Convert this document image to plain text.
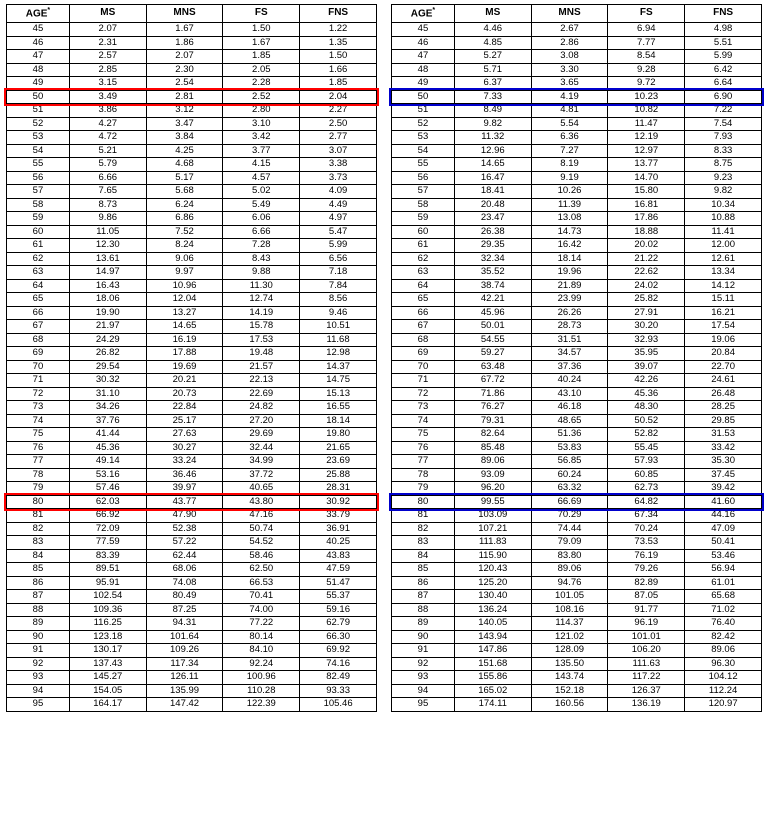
AGE*	MS	MNS	FS	FNS
45	2.07	1.67	1.50	1.22
46	2.31	1.86	1.67	1.35
47	2.57	2.07	1.85	1.50
48	2.85	2.30	2.05	1.66
49	3.15	2.54	2.28	1.85
50	3.49	2.81	2.52	2.04
51	3.86	3.12	2.80	2.27
52	4.27	3.47	3.10	2.50
53	4.72	3.84	3.42	2.77
54	5.21	4.25	3.77	3.07
55	5.79	4.68	4.15	3.38
56	6.66	5.17	4.57	3.73
57	7.65	5.68	5.02	4.09
58	8.73	6.24	5.49	4.49
59	9.86	6.86	6.06	4.97
60	11.05	7.52	6.66	5.47
61	12.30	8.24	7.28	5.99
62	13.61	9.06	8.43	6.56
63	14.97	9.97	9.88	7.18
64	16.43	10.96	11.30	7.84
65	18.06	12.04	12.74	8.56
66	19.90	13.27	14.19	9.46
67	21.97	14.65	15.78	10.51
68	24.29	16.19	17.53	11.68
69	26.82	17.88	19.48	12.98
70	29.54	19.69	21.57	14.37
71	30.32	20.21	22.13	14.75
72	31.10	20.73	22.69	15.13
73	34.26	22.84	24.82	16.55
74	37.76	25.17	27.20	18.14
75	41.44	27.63	29.69	19.80
76	45.36	30.27	32.44	21.65
77	49.14	33.24	34.99	23.69
78	53.16	36.46	37.72	25.88
79	57.46	39.97	40.65	28.31
80	62.03	43.77	43.80	30.92
81	66.92	47.90	47.16	33.79
82	72.09	52.38	50.74	36.91
83	77.59	57.22	54.52	40.25
84	83.39	62.44	58.46	43.83
85	89.51	68.06	62.50	47.59
86	95.91	74.08	66.53	51.47
87	102.54	80.49	70.41	55.37
88	109.36	87.25	74.00	59.16
89	116.25	94.31	77.22	62.79
90	123.18	101.64	80.14	66.30
91	130.17	109.26	84.10	69.92
92	137.43	117.34	92.24	74.16
93	145.27	126.11	100.96	82.49
94	154.05	135.99	110.28	93.33
95	164.17	147.42	122.39	105.46
AGE*	MS	MNS	FS	FNS
45	4.46	2.67	6.94	4.98
46	4.85	2.86	7.77	5.51
47	5.27	3.08	8.54	5.99
48	5.71	3.30	9.28	6.42
49	6.37	3.65	9.72	6.64
50	7.33	4.19	10.23	6.90
51	8.49	4.81	10.82	7.22
52	9.82	5.54	11.47	7.54
53	11.32	6.36	12.19	7.93
54	12.96	7.27	12.97	8.33
55	14.65	8.19	13.77	8.75
56	16.47	9.19	14.70	9.23
57	18.41	10.26	15.80	9.82
58	20.48	11.39	16.81	10.34
59	23.47	13.08	17.86	10.88
60	26.38	14.73	18.88	11.41
61	29.35	16.42	20.02	12.00
62	32.34	18.14	21.22	12.61
63	35.52	19.96	22.62	13.34
64	38.74	21.89	24.02	14.12
65	42.21	23.99	25.82	15.11
66	45.96	26.26	27.91	16.21
67	50.01	28.73	30.20	17.54
68	54.55	31.51	32.93	19.06
69	59.27	34.57	35.95	20.84
70	63.48	37.36	39.07	22.70
71	67.72	40.24	42.26	24.61
72	71.86	43.10	45.36	26.48
73	76.27	46.18	48.30	28.25
74	79.31	48.65	50.52	29.85
75	82.64	51.36	52.82	31.53
76	85.48	53.83	55.45	33.42
77	89.06	56.85	57.93	35.30
78	93.09	60.24	60.85	37.45
79	96.20	63.32	62.73	39.42
80	99.55	66.69	64.82	41.60
81	103.09	70.29	67.34	44.16
82	107.21	74.44	70.24	47.09
83	111.83	79.09	73.53	50.41
84	115.90	83.80	76.19	53.46
85	120.43	89.06	79.26	56.94
86	125.20	94.76	82.89	61.01
87	130.40	101.05	87.05	65.68
88	136.24	108.16	91.77	71.02
89	140.05	114.37	96.19	76.40
90	143.94	121.02	101.01	82.42
91	147.86	128.09	106.20	89.06
92	151.68	135.50	111.63	96.30
93	155.86	143.74	117.22	104.12
94	165.02	152.18	126.37	112.24
95	174.11	160.56	136.19	120.97
